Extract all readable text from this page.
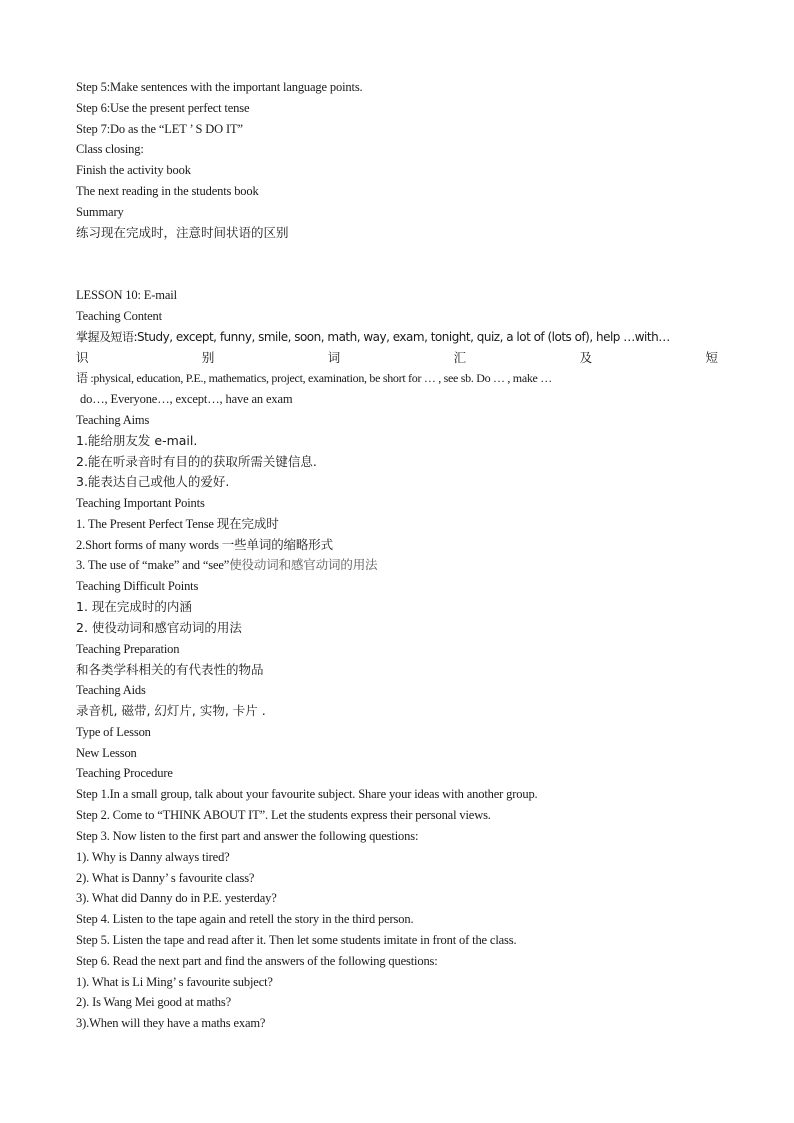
Step 5:Make sentences with the important language points.
Step 6:Use the present perfect tense
Step 7:Do as the “LET ’ S DO IT”
Class closing:
Finish the activity book
The next reading in the students book
Summary
练习现在完成时，注意时间状语的区别
LESSON 10: E-mail
Teaching Content
掌握及短语:Study, except, funny, smile, soon, math, way, exam, tonight, quiz, a lot of (lots of), help …with…
识	别	词	汇	及	短
语 :physical, education, P.E., mathematics, project, examination, be short for … , see sb. Do … , make …
do…, Everyone…, except…, have an exam
Teaching Aims
1.能给朋友发 e-mail.
2.能在听录音时有目的的获取所需关键信息.
3.能表达自己或他人的爱好.
Teaching Important Points
1. The Present Perfect Tense 现在完成时
2.Short forms of many words 一些单词的缩略形式
3. The use of “make” and “see”使役动词和感官动词的用法
Teaching Difficult Points
1. 现在完成时的内涵
2. 使役动词和感官动词的用法
Teaching Preparation
和各类学科相关的有代表性的物品
Teaching Aids
录音机, 磁带, 幻灯片, 实物, 卡片 .
Type of Lesson
New Lesson
Teaching Procedure
Step 1.In a small group, talk about your favourite subject. Share your ideas with another group.
Step 2. Come to “THINK ABOUT IT”. Let the students express their personal views.
Step 3. Now listen to the first part and answer the following questions:
1). Why is Danny always tired?
2). What is Danny’ s favourite class?
3). What did Danny do in P.E. yesterday?
Step 4. Listen to the tape again and retell the story in the third person.
Step 5. Listen the tape and read after it. Then let some students imitate in front of the class.
Step 6. Read the next part and find the answers of the following questions:
1). What is Li Ming’ s favourite subject?
2). Is Wang Mei good at maths?
3).When will they have a maths exam?
